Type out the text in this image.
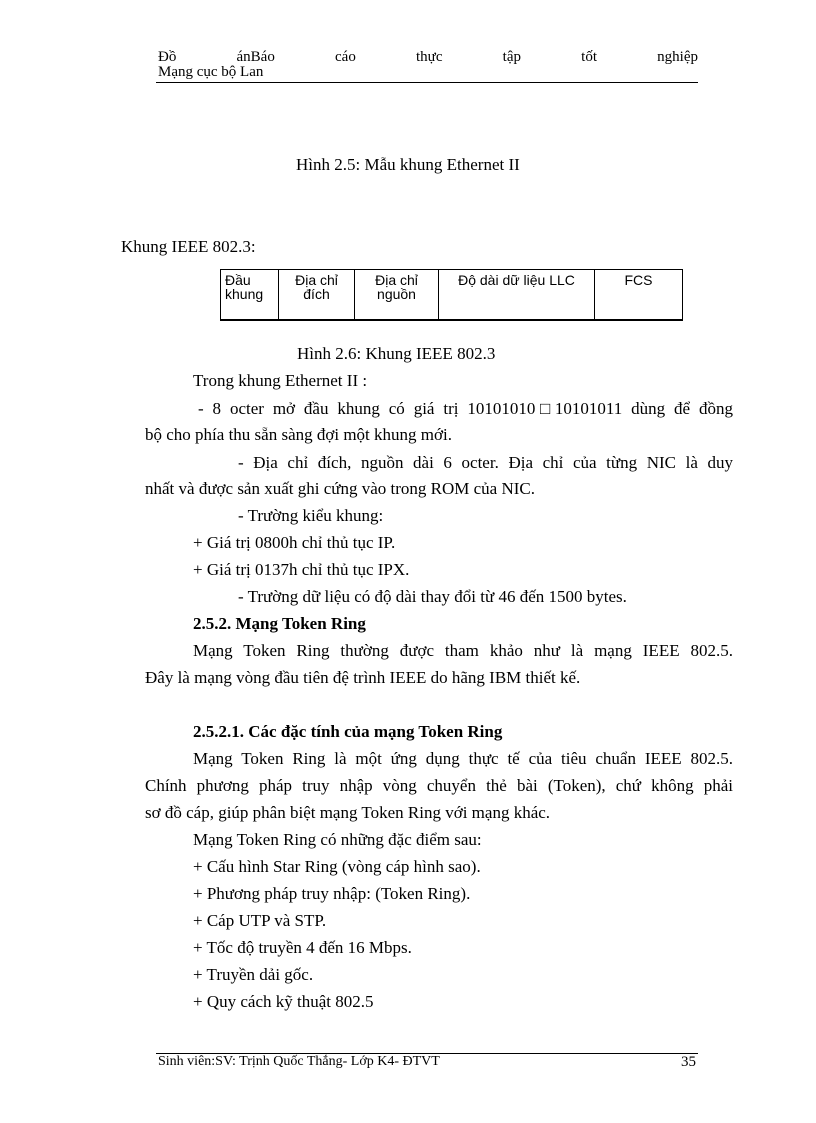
Đồ	ánBáo	cáo	thực	tập	tốt	nghiệp
Mạng cục bộ Lan
Hình 2.5: Mẫu khung Ethernet II
Khung IEEE 802.3:
Đầu khung	Địa chỉ đích	Địa chỉ nguồn	Độ dài dữ liệu LLC	FCS
Hình 2.6: Khung IEEE 802.3
Trong khung Ethernet II :
- 8 octer mở đầu khung có giá trị 10101010□10101011 dùng để đồng
bộ cho phía thu sẵn sàng đợi một khung mới.
- Địa chỉ đích, nguồn dài 6 octer. Địa chỉ của từng NIC là duy
nhất và được sản xuất ghi cứng vào trong ROM của NIC.
- Trường kiểu khung:
+ Giá trị 0800h chỉ thủ tục IP.
+ Giá trị 0137h chỉ thủ tục IPX.
- Trường dữ liệu có độ dài thay đổi từ 46 đến 1500 bytes.
2.5.2. Mạng Token Ring
Mạng Token Ring thường được tham khảo như là mạng IEEE 802.5.
Đây là mạng vòng đầu tiên đệ trình IEEE do hãng IBM thiết kế.
2.5.2.1. Các đặc tính của mạng Token Ring
Mạng Token Ring là một ứng dụng thực tế của tiêu chuẩn IEEE 802.5.
Chính phương pháp truy nhập vòng chuyển thẻ bài (Token), chứ không phải
sơ đồ cáp, giúp phân biệt mạng Token Ring với mạng khác.
Mạng Token Ring có những đặc điểm sau:
+ Cấu hình Star Ring (vòng cáp hình sao).
+ Phương pháp truy nhập: (Token Ring).
+ Cáp UTP và STP.
+ Tốc độ truyền 4 đến 16 Mbps.
+ Truyền dải gốc.
+ Quy cách kỹ thuật 802.5
Sinh viên:SV: Trịnh Quốc Thắng- Lớp K4- ĐTVT	35
